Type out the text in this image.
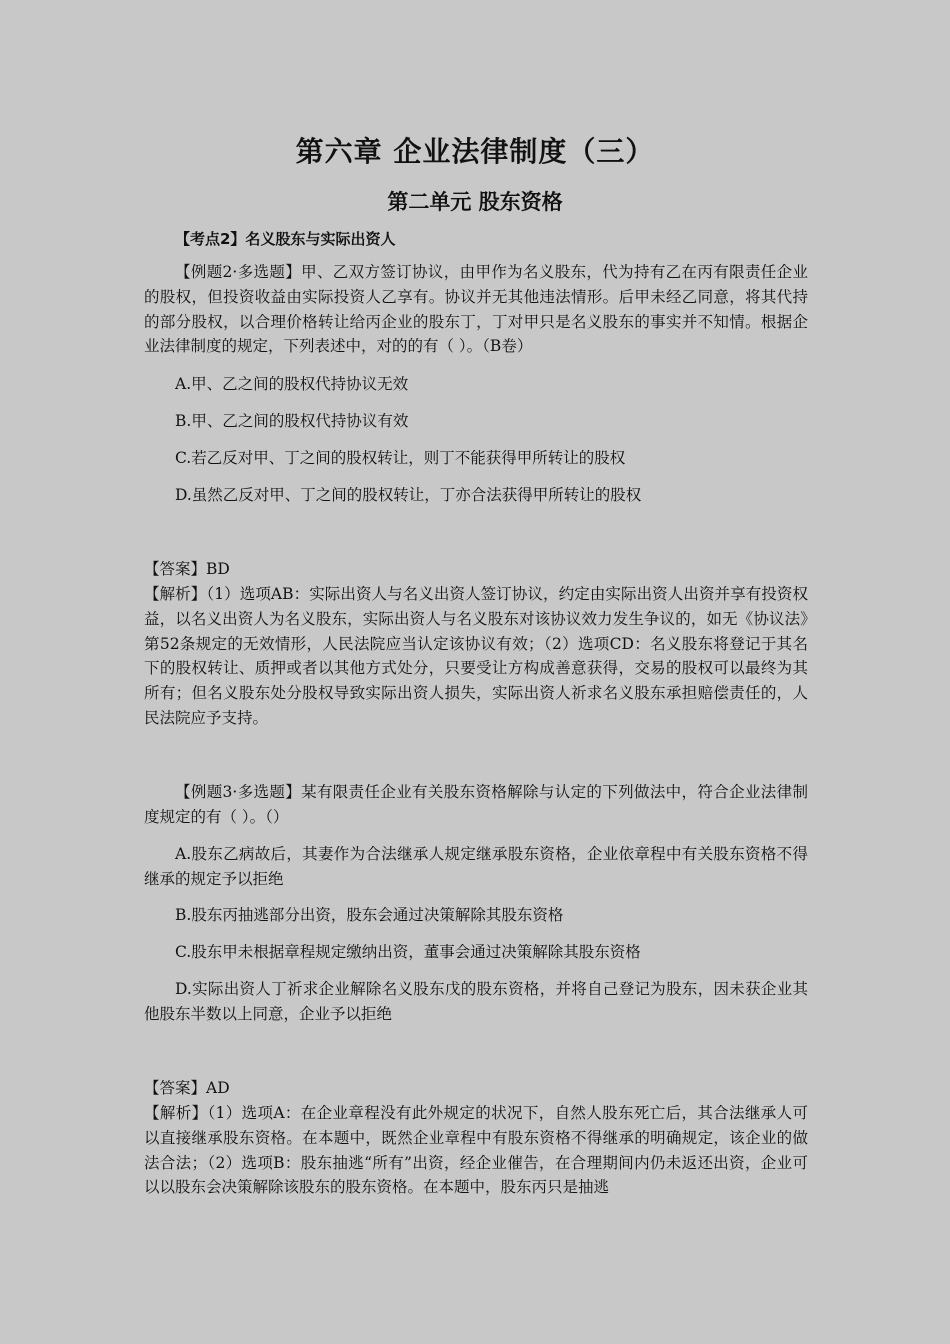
第六章 企业法律制度（三）
第二单元 股东资格

【考点2】名义股东与实际出资人

【例题2·多选题】甲、乙双方签订协议，由甲作为名义股东，代为持有乙在丙有限责任企业的股权，但投资收益由实际投资人乙享有。协议并无其他违法情形。后甲未经乙同意，将其代持的部分股权，以合理价格转让给丙企业的股东丁，丁对甲只是名义股东的事实并不知情。根据企业法律制度的规定，下列表述中，对的的有（ ）。（B卷）

A.甲、乙之间的股权代持协议无效

B.甲、乙之间的股权代持协议有效

C.若乙反对甲、丁之间的股权转让，则丁不能获得甲所转让的股权

D.虽然乙反对甲、丁之间的股权转让，丁亦合法获得甲所转让的股权

【答案】BD

【解析】（1）选项AB：实际出资人与名义出资人签订协议，约定由实际出资人出资并享有投资权益，以名义出资人为名义股东，实际出资人与名义股东对该协议效力发生争议的，如无《协议法》第52条规定的无效情形，人民法院应当认定该协议有效；（2）选项CD：名义股东将登记于其名下的股权转让、质押或者以其他方式处分，只要受让方构成善意获得，交易的股权可以最终为其所有；但名义股东处分股权导致实际出资人损失，实际出资人祈求名义股东承担赔偿责任的，人民法院应予支持。

【例题3·多选题】某有限责任企业有关股东资格解除与认定的下列做法中，符合企业法律制度规定的有（ ）。（）

A.股东乙病故后，其妻作为合法继承人规定继承股东资格，企业依章程中有关股东资格不得继承的规定予以拒绝

B.股东丙抽逃部分出资，股东会通过决策解除其股东资格

C.股东甲未根据章程规定缴纳出资，董事会通过决策解除其股东资格

D.实际出资人丁祈求企业解除名义股东戊的股东资格，并将自己登记为股东，因未获企业其他股东半数以上同意，企业予以拒绝

【答案】AD

【解析】（1）选项A：在企业章程没有此外规定的状况下，自然人股东死亡后，其合法继承人可以直接继承股东资格。在本题中，既然企业章程中有股东资格不得继承的明确规定，该企业的做法合法；（2）选项B：股东抽逃“所有”出资，经企业催告，在合理期间内仍未返还出资，企业可以以股东会决策解除该股东的股东资格。在本题中，股东丙只是抽逃
